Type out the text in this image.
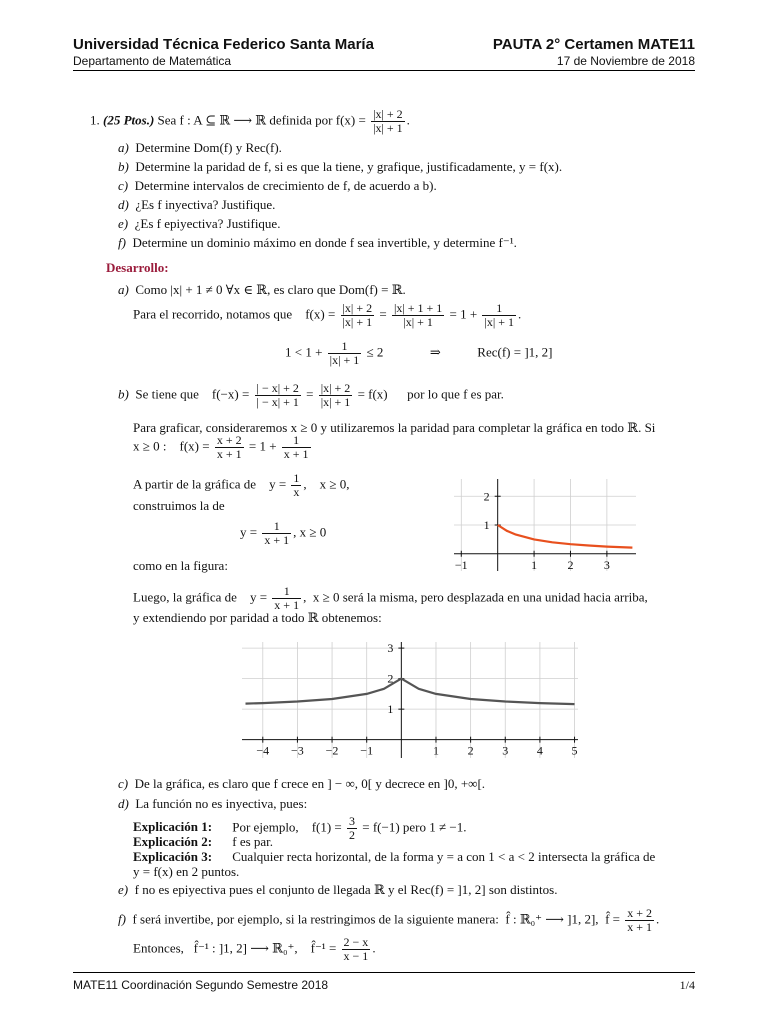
Universidad Técnica Federico Santa María	PAUTA 2° Certamen MATE11
Departamento de Matemática	17 de Noviembre de 2018
1. (25 Ptos.) Sea f : A ⊆ ℝ ⟶ ℝ definida por $f(x) = \frac{|x| + 2}{|x| + 1}$ .
a) Determine Dom(f) y Rec(f).
b) Determine la paridad de f, si es que la tiene, y grafique, justificadamente, y = f(x).
c) Determine intervalos de crecimiento de f, de acuerdo a b).
d) ¿Es f inyectiva? Justifique.
e) ¿Es f epiyectiva? Justifique.
f) Determine un dominio máximo en donde f sea invertible, y determine f⁻¹.
Desarrollo:
a) Como |x| + 1 ≠ 0 ∀x ∈ ℝ, es claro que Dom(f) = ℝ.
Para el recorrido, notamos que $f(x) = \frac{|x| + 2}{|x| + 1} = \frac{|x| + 1 + 1}{|x| + 1} = 1 + \frac{1}{|x| + 1}$ .
$1 < 1 + \frac{1}{|x| + 1} \le 2$	⇒	Rec(f) = ]1, 2]
b) Se tiene que $f(-x) = \frac{| - x| + 2}{| - x| + 1} = \frac{|x| + 2}{|x| + 1} = f(x)$ por lo que f es par.
Para graficar, consideraremos x ≥ 0 y utilizaremos la paridad para completar la gráfica en todo ℝ. Si
x ≥ 0 : $f(x) = \frac{x + 2}{x + 1} = 1 + \frac{1}{x + 1}$
A partir de la gráfica de $y = \frac{1}{x}$ ,    x ≥ 0,
construimos la de
$y = \frac{1}{x + 1}$ , x ≥ 0
como en la figura:	−1	1	2	3
1
2
Luego, la gráfica de $y = \frac{1}{x + 1}$ ,  x ≥ 0 será la misma, pero desplazada en una unidad hacia arriba,
y extendiendo por paridad a todo ℝ obtenemos:
−4 −3 −2 −1	1 2 3 4 5
1
2
3
c) De la gráfica, es claro que f crece en ] − ∞, 0[ y decrece en ]0, +∞[.
d) La función no es inyectiva, pues:
Explicación 1: Por ejemplo, $f(1) = \frac{3}{2} = f(-1)$ pero 1 ≠ −1.
Explicación 2: f es par.
Explicación 3: Cualquier recta horizontal, de la forma y = a con 1 < a < 2 intersecta la gráfica de
y = f(x) en 2 puntos.
e) f no es epiyectiva pues el conjunto de llegada ℝ y el Rec(f) = ]1, 2] son distintos.
f) f será invertibe, por ejemplo, si la restringimos de la siguiente manera: f̂ : ℝ₀⁺ ⟶ ]1, 2], f̂ = $\frac{x + 2}{x + 1}$ .
Entonces, f̂⁻¹ : ]1, 2] ⟶ ℝ₀⁺, f̂⁻¹ = $\frac{2 - x}{x - 1}$ .
MATE11 Coordinación Segundo Semestre 2018	1/4
